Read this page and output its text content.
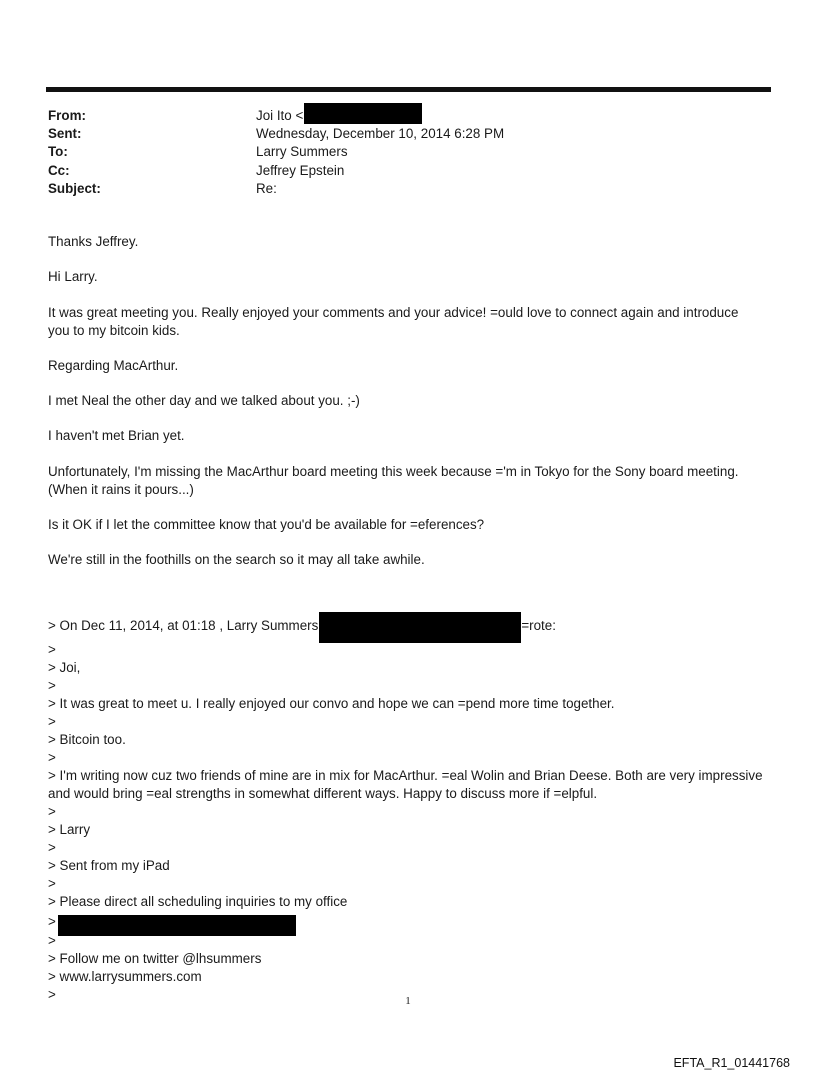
From:	Joi Ito <
Sent:	Wednesday, December 10, 2014 6:28 PM
To:	Larry Summers
Cc:	Jeffrey Epstein
Subject:	Re:

Thanks Jeffrey.

Hi Larry.

It was great meeting you. Really enjoyed your comments and your advice! =ould love to connect again and introduce you to my bitcoin kids.

Regarding MacArthur.

I met Neal the other day and we talked about you. ;-)

I haven't met Brian yet.

Unfortunately, I'm missing the MacArthur board meeting this week because ='m in Tokyo for the Sony board meeting. (When it rains it pours...)

Is it OK if I let the committee know that you'd be available for =eferences?

We're still in the foothills on the search so it may all take awhile.

> On Dec 11, 2014, at 01:18 , Larry Summers	=rote:
>
> Joi,
>
> It was great to meet u. I really enjoyed our convo and hope we can =pend more time together.
>
> Bitcoin too.
>
> I'm writing now cuz two friends of mine are in mix for MacArthur. =eal Wolin and Brian Deese. Both are very impressive and would bring =eal strengths in somewhat different ways. Happy to discuss more if =elpful.
>
> Larry
>
> Sent from my iPad
>
> Please direct all scheduling inquiries to my office
>
>
> Follow me on twitter @lhsummers
> www.larrysummers.com
>	1
EFTA_R1_01441768
